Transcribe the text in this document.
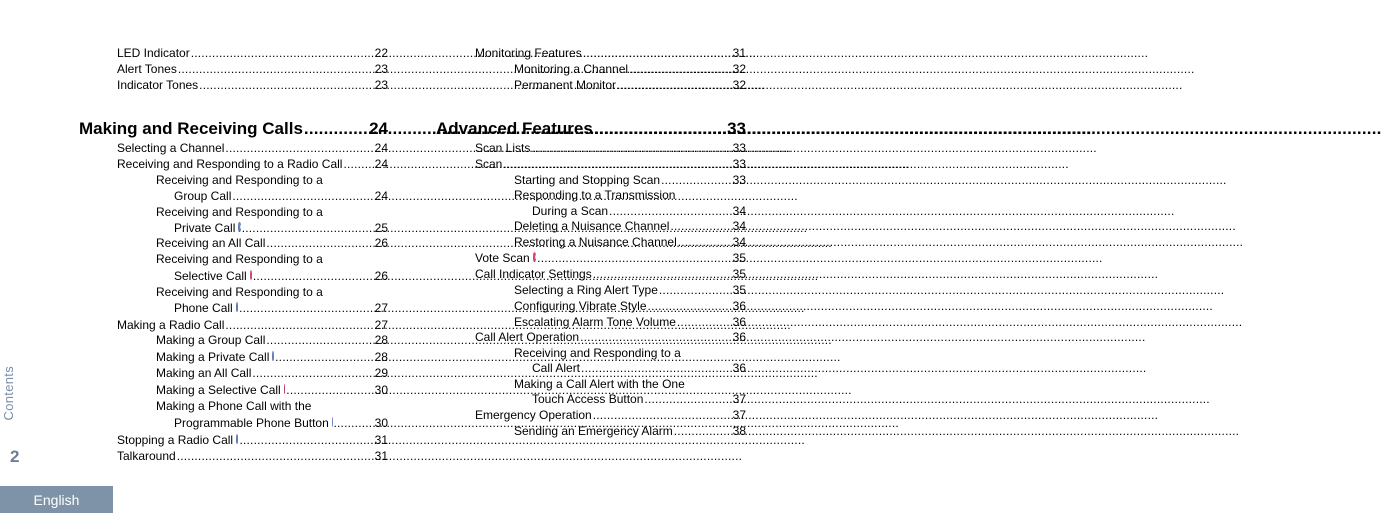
LED Indicator .....	22
Alert Tones .....	23
Indicator Tones .....	23
Making and Receiving Calls .....	24
Selecting a Channel .....	24
Receiving and Responding to a Radio Call .....	24
Receiving and Responding to a
Group Call .....	24
Receiving and Responding to a
Private Call .....	25
Receiving an All Call .....	26
Receiving and Responding to a
Selective Call .....	26
Receiving and Responding to a
Phone Call .....	27
Making a Radio Call .....	27
Making a Group Call .....	28
Making a Private Call .....	28
Making an All Call .....	29
Making a Selective Call .....	30
Making a Phone Call with the
Programmable Phone Button .....	30
Stopping a Radio Call .....	31
Talkaround .....	31
Monitoring Features .....	31
Monitoring a Channel .....	32
Permanent Monitor .....	32
Advanced Features .....	33
Scan Lists .....	33
Scan .....	33
Starting and Stopping Scan .....	33
Responding to a Transmission
During a Scan .....	34
Deleting a Nuisance Channel .....	34
Restoring a Nuisance Channel .....	34
Vote Scan .....	35
Call Indicator Settings .....	35
Selecting a Ring Alert Type .....	35
Configuring Vibrate Style .....	36
Escalating Alarm Tone Volume .....	36
Call Alert Operation .....	36
Receiving and Responding to a
Call Alert .....	36
Making a Call Alert with the One
Touch Access Button .....	37
Emergency Operation .....	37
Sending an Emergency Alarm .....	38
Contents
2
English
